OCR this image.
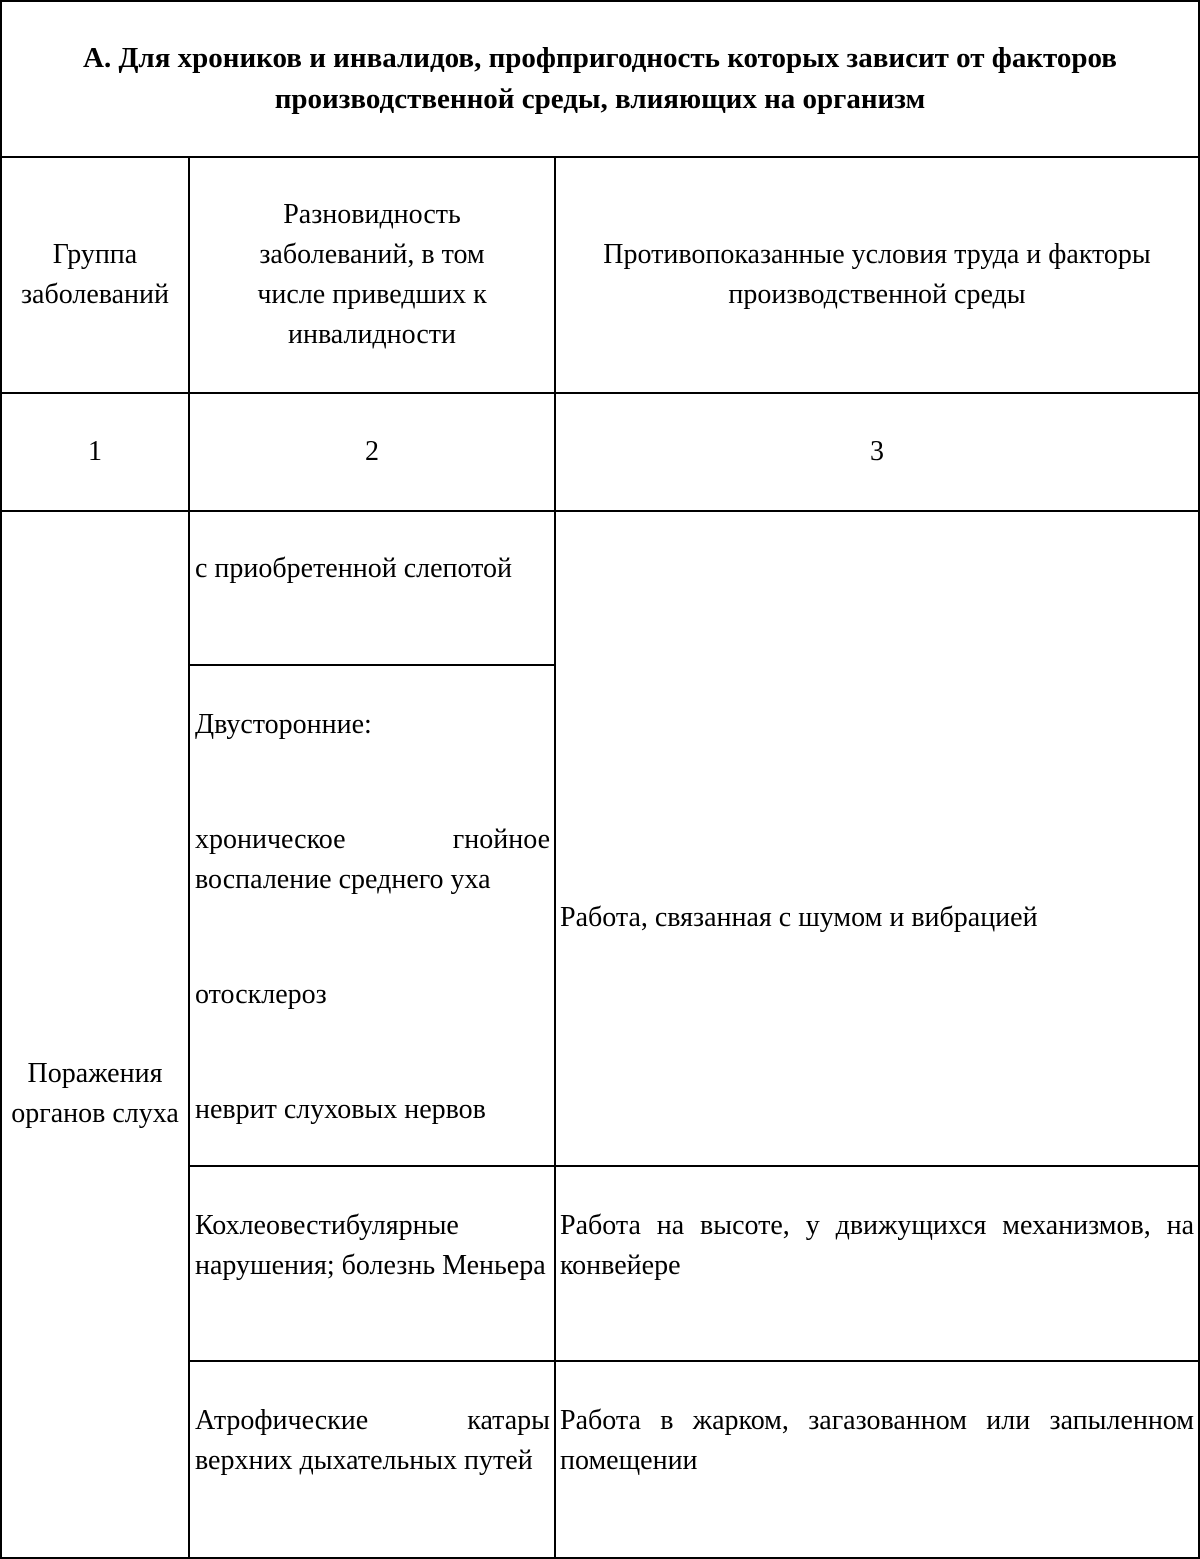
А. Для хроников и инвалидов, профпригодность которых зависит от факторов производственной среды, влияющих на организм
Группа заболеваний
Разновидность заболеваний, в том числе приведших к инвалидности
Противопоказанные условия труда и факторы производственной среды
1	2	3
Поражения органов слуха
с приобретенной слепотой
Двусторонние:
хроническое гнойное воспаление среднего уха
отосклероз
неврит слуховых нервов
Кохлеовестибулярные нарушения; болезнь Меньера
Атрофические катары верхних дыхательных путей
Работа, связанная с шумом и вибрацией
Работа на высоте, у движущихся механизмов, на конвейере
Работа в жарком, загазованном или запыленном помещении
